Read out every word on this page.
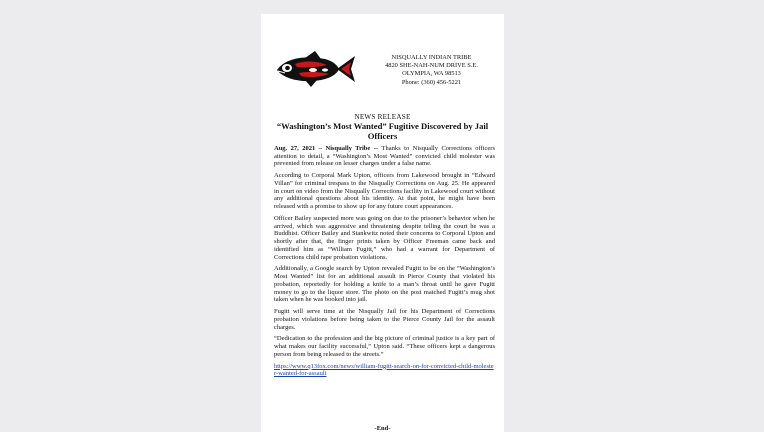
NISQUALLY INDIAN TRIBE
4820 SHE-NAH-NUM DRIVE S.E.
OLYMPIA, WA 98513
Phone: (360) 456-5221
NEWS RELEASE
“Washington’s Most Wanted” Fugitive Discovered by Jail Officers

Aug. 27, 2021 – Nisqually Tribe -- Thanks to Nisqually Corrections officers attention to detail, a “Washington’s Most Wanted” convicted child molester was prevented from release on lesser charges under a false name.

According to Corporal Mark Upton, officers from Lakewood brought in “Edward Villan” for criminal trespass to the Nisqually Corrections on Aug. 25. He appeared in court on video from the Nisqually Corrections facility in Lakewood court without any additional questions about his identity. At that point, he might have been released with a promise to show up for any future court appearances.

Officer Bailey suspected more was going on due to the prisoner’s behavior when he arrived, which was aggressive and threatening despite telling the court he was a Buddhist. Officer Bailey and Stankwitz noted their concerns to Corporal Upton and shortly after that, the finger prints taken by Officer Freeman came back and identified him as “William Fugitt,” who had a warrant for Department of Corrections child rape probation violations.

Additionally, a Google search by Upton revealed Fugitt to be on the “Washington’s Most Wanted” list for an additional assault in Pierce County that violated his probation, reportedly for holding a knife to a man’s throat until he gave Fugitt money to go to the liquor store. The photo on the post matched Fugitt’s mug shot taken when he was booked into jail.

Fugitt will serve time at the Nisqually Jail for his Department of Corrections probation violations before being taken to the Pierce County Jail for the assault charges.

“Dedication to the profession and the big picture of criminal justice is a key part of what makes our facility successful,” Upton said. “These officers kept a dangerous person from being released to the streets.”

https://www.q13fox.com/news/william-fugitt-search-on-for-convicted-child-molester-wanted-for-assault

-End-
